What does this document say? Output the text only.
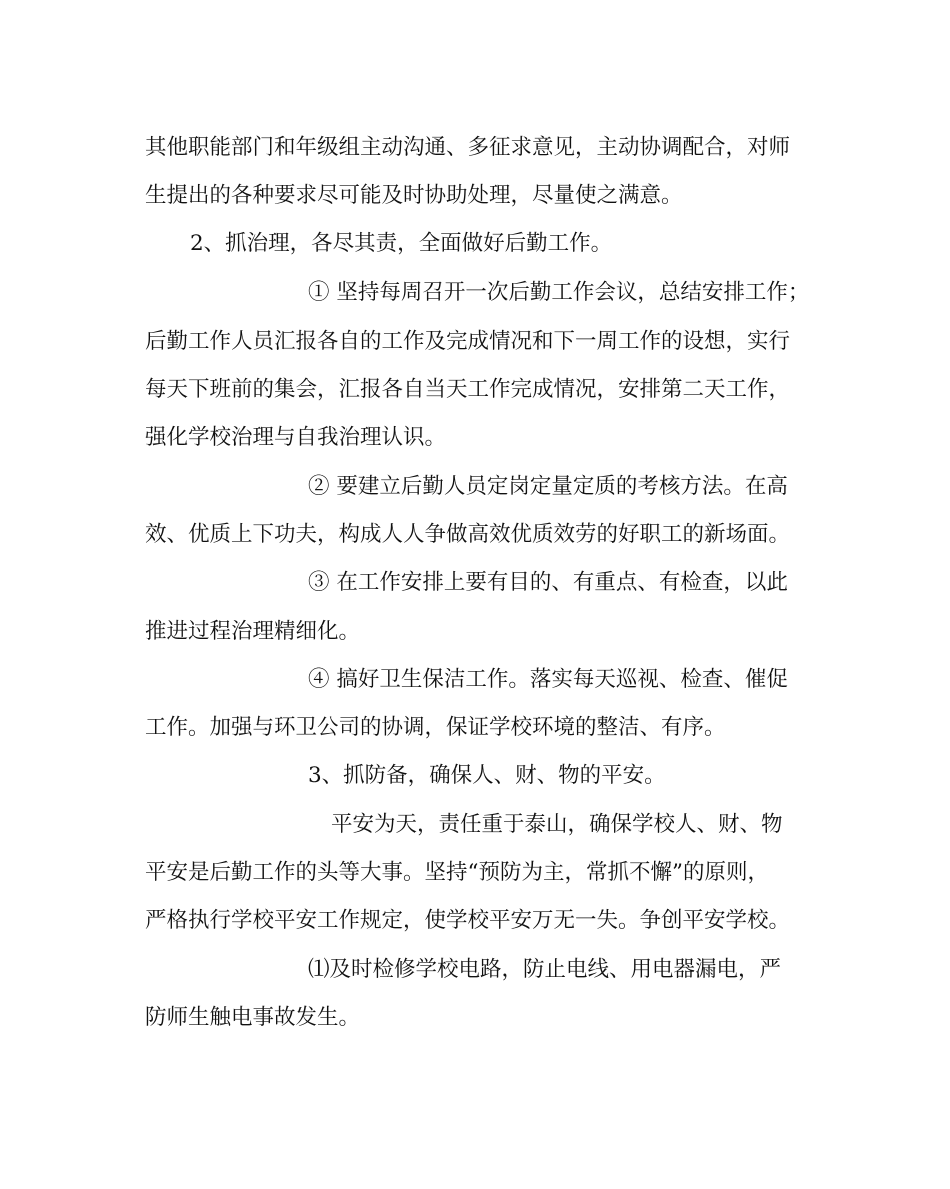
其他职能部门和年级组主动沟通、多征求意见，主动协调配合，对师
生提出的各种要求尽可能及时协助处理，尽量使之满意。
2、抓治理，各尽其责，全面做好后勤工作。
① 坚持每周召开一次后勤工作会议，总结安排工作；
后勤工作人员汇报各自的工作及完成情况和下一周工作的设想，实行
每天下班前的集会，汇报各自当天工作完成情况，安排第二天工作，
强化学校治理与自我治理认识。
② 要建立后勤人员定岗定量定质的考核方法。在高
效、优质上下功夫，构成人人争做高效优质效劳的好职工的新场面。
③ 在工作安排上要有目的、有重点、有检查，以此
推进过程治理精细化。
④ 搞好卫生保洁工作。落实每天巡视、检查、催促
工作。加强与环卫公司的协调，保证学校环境的整洁、有序。
3、抓防备，确保人、财、物的平安。
平安为天，责任重于泰山，确保学校人、财、物
平安是后勤工作的头等大事。坚持“预防为主，常抓不懈”的原则，
严格执行学校平安工作规定，使学校平安万无一失。争创平安学校。
⑴及时检修学校电路，防止电线、用电器漏电，严
防师生触电事故发生。
